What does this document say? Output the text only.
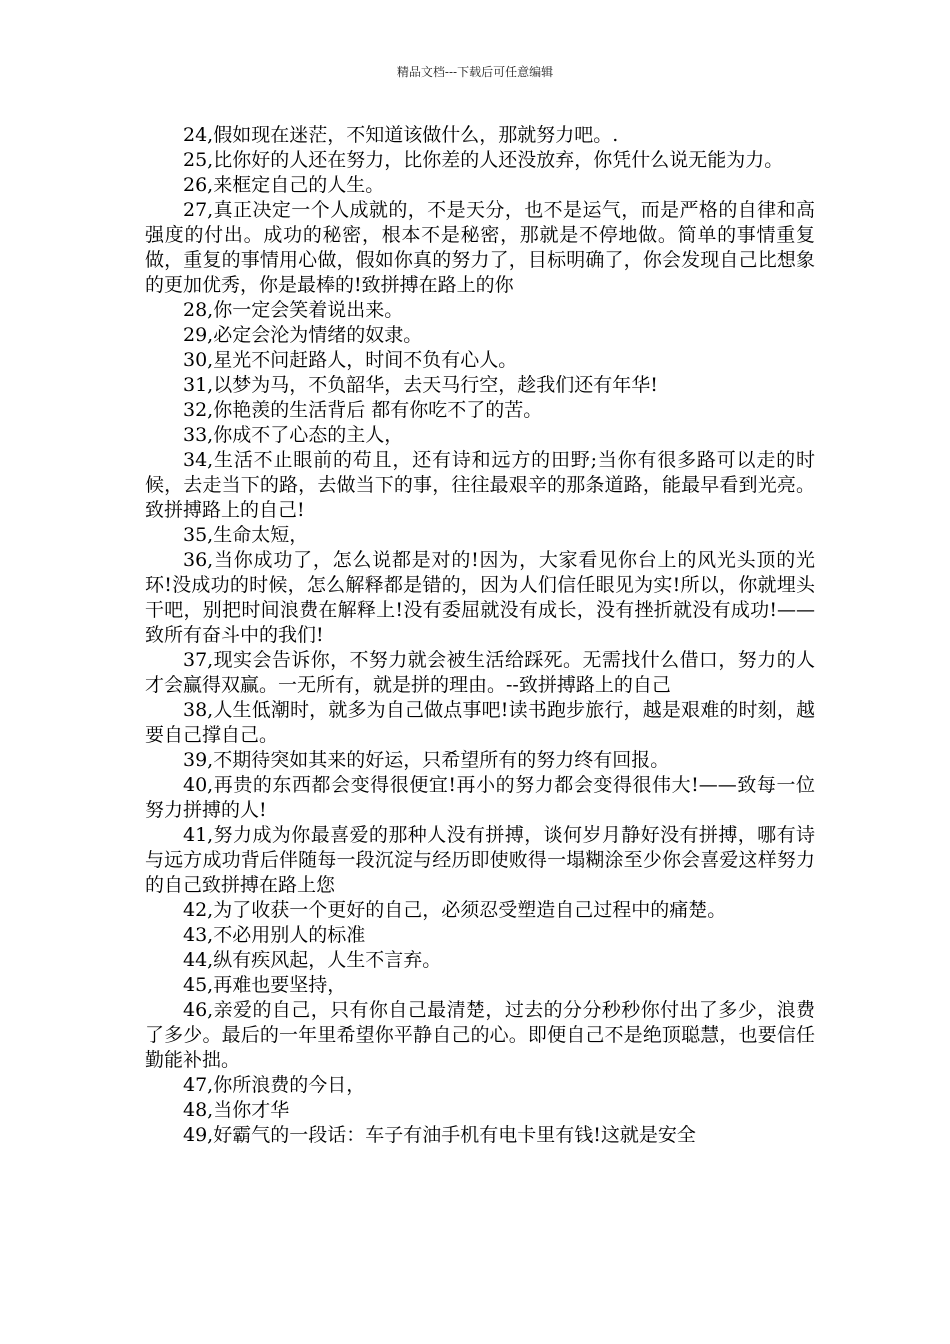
精品文档---下载后可任意编辑

24,假如现在迷茫，不知道该做什么，那就努力吧。.

25,比你好的人还在努力，比你差的人还没放弃，你凭什么说无能为力。

26,来框定自己的人生。

27,真正决定一个人成就的，不是天分，也不是运气，而是严格的自律和高强度的付出。成功的秘密，根本不是秘密，那就是不停地做。简单的事情重复做，重复的事情用心做，假如你真的努力了，目标明确了，你会发现自己比想象的更加优秀，你是最棒的!致拼搏在路上的你

28,你一定会笑着说出来。

29,必定会沦为情绪的奴隶。

30,星光不问赶路人，时间不负有心人。

31,以梦为马，不负韶华，去天马行空，趁我们还有年华!

32,你艳羡的生活背后 都有你吃不了的苦。

33,你成不了心态的主人，

34,生活不止眼前的苟且，还有诗和远方的田野;当你有很多路可以走的时候，去走当下的路，去做当下的事，往往最艰辛的那条道路，能最早看到光亮。致拼搏路上的自己!

35,生命太短，

36,当你成功了，怎么说都是对的!因为，大家看见你台上的风光头顶的光环!没成功的时候，怎么解释都是错的，因为人们信任眼见为实!所以，你就埋头干吧，别把时间浪费在解释上!没有委屈就没有成长，没有挫折就没有成功!——致所有奋斗中的我们!

37,现实会告诉你，不努力就会被生活给踩死。无需找什么借口，努力的人才会赢得双赢。一无所有，就是拼的理由。--致拼搏路上的自己

38,人生低潮时，就多为自己做点事吧!读书跑步旅行，越是艰难的时刻，越要自己撑自己。

39,不期待突如其来的好运，只希望所有的努力终有回报。

40,再贵的东西都会变得很便宜!再小的努力都会变得很伟大!——致每一位努力拼搏的人!

41,努力成为你最喜爱的那种人没有拼搏，谈何岁月静好没有拼搏，哪有诗与远方成功背后伴随每一段沉淀与经历即使败得一塌糊涂至少你会喜爱这样努力的自己致拼搏在路上您

42,为了收获一个更好的自己，必须忍受塑造自己过程中的痛楚。

43,不必用别人的标准

44,纵有疾风起，人生不言弃。

45,再难也要坚持，

46,亲爱的自己，只有你自己最清楚，过去的分分秒秒你付出了多少，浪费了多少。最后的一年里希望你平静自己的心。即便自己不是绝顶聪慧，也要信任勤能补拙。

47,你所浪费的今日，

48,当你才华

49,好霸气的一段话：车子有油手机有电卡里有钱!这就是安全
